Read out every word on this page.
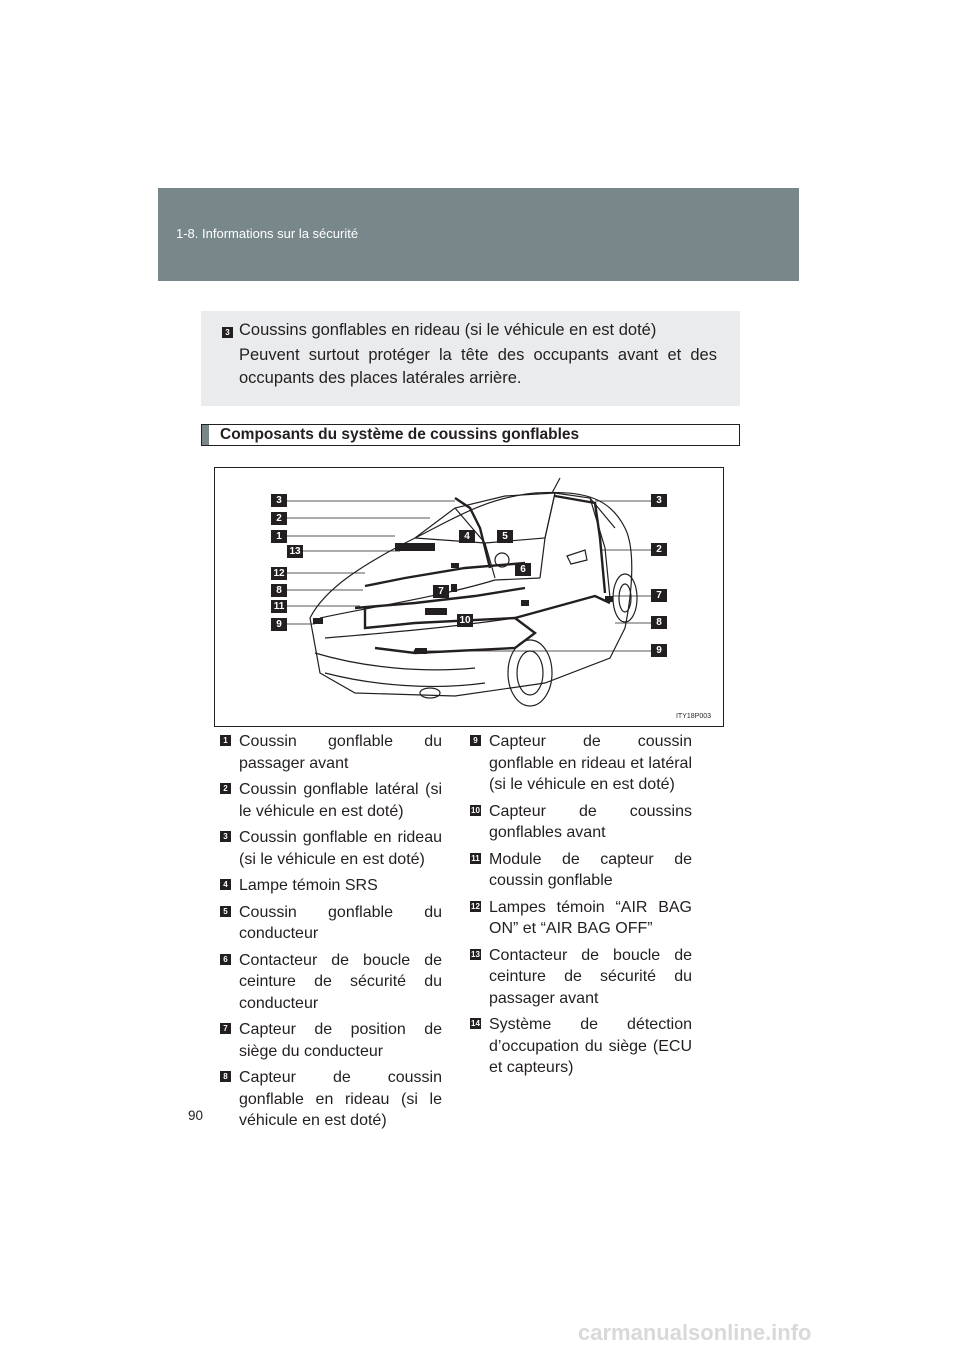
1-8. Informations sur la sécurité
3 Coussins gonflables en rideau (si le véhicule en est doté)
Peuvent surtout protéger la tête des occupants avant et des occupants des places latérales arrière.
Composants du système de coussins gonflables
3
2
1
13
12
8
11
9
4	5
6
7
10
3
2
7
8
9
ITY18P003
1 Coussin gonflable du passager avant
2 Coussin gonflable latéral (si le véhicule en est doté)
3 Coussin gonflable en rideau (si le véhicule en est doté)
4 Lampe témoin SRS
5 Coussin gonflable du conducteur
6 Contacteur de boucle de ceinture de sécurité du conducteur
7 Capteur de position de siège du conducteur
8 Capteur de coussin gonflable en rideau (si le véhicule en est doté)
9 Capteur de coussin gonflable en rideau et latéral (si le véhicule en est doté)
10 Capteur de coussins gonflables avant
11 Module de capteur de coussin gonflable
12 Lampes témoin “AIR BAG ON” et “AIR BAG OFF”
13 Contacteur de boucle de ceinture de sécurité du passager avant
14 Système de détection d’occupation du siège (ECU et capteurs)
90
carmanualsonline.info
